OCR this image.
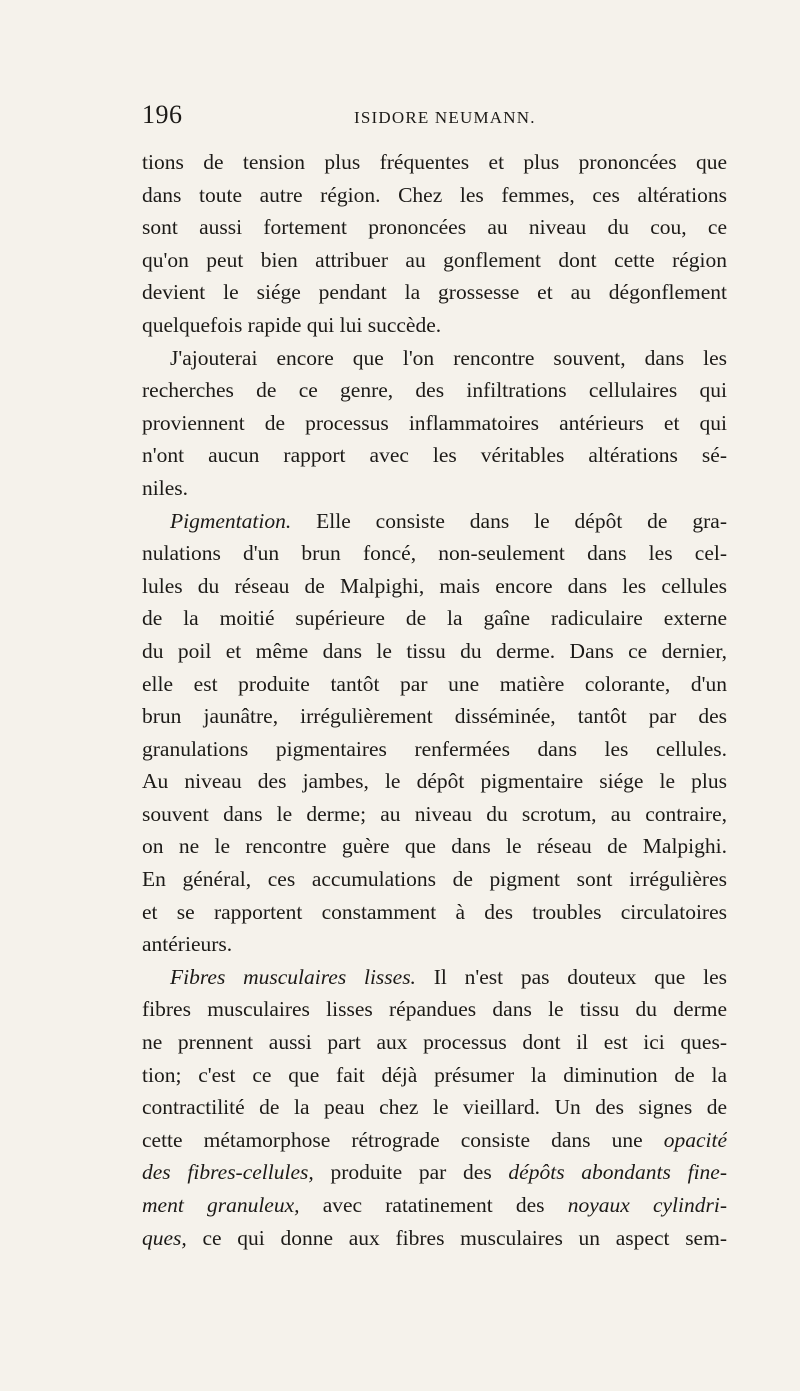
196	ISIDORE NEUMANN.
tions de tension plus fréquentes et plus prononcées que
dans toute autre région. Chez les femmes, ces altérations
sont aussi fortement prononcées au niveau du cou, ce
qu'on peut bien attribuer au gonflement dont cette région
devient le siége pendant la grossesse et au dégonflement
quelquefois rapide qui lui succède.
J'ajouterai encore que l'on rencontre souvent, dans les
recherches de ce genre, des infiltrations cellulaires qui
proviennent de processus inflammatoires antérieurs et qui
n'ont aucun rapport avec les véritables altérations sé-
niles.
Pigmentation. Elle consiste dans le dépôt de gra-
nulations d'un brun foncé, non-seulement dans les cel-
lules du réseau de Malpighi, mais encore dans les cellules
de la moitié supérieure de la gaîne radiculaire externe
du poil et même dans le tissu du derme. Dans ce dernier,
elle est produite tantôt par une matière colorante, d'un
brun jaunâtre, irrégulièrement disséminée, tantôt par des
granulations pigmentaires renfermées dans les cellules.
Au niveau des jambes, le dépôt pigmentaire siége le plus
souvent dans le derme; au niveau du scrotum, au contraire,
on ne le rencontre guère que dans le réseau de Malpighi.
En général, ces accumulations de pigment sont irrégulières
et se rapportent constamment à des troubles circulatoires
antérieurs.
Fibres musculaires lisses. Il n'est pas douteux que les
fibres musculaires lisses répandues dans le tissu du derme
ne prennent aussi part aux processus dont il est ici ques-
tion; c'est ce que fait déjà présumer la diminution de la
contractilité de la peau chez le vieillard. Un des signes de
cette métamorphose rétrograde consiste dans une opacité
des fibres-cellules, produite par des dépôts abondants fine-
ment granuleux, avec ratatinement des noyaux cylindri-
ques, ce qui donne aux fibres musculaires un aspect sem-
